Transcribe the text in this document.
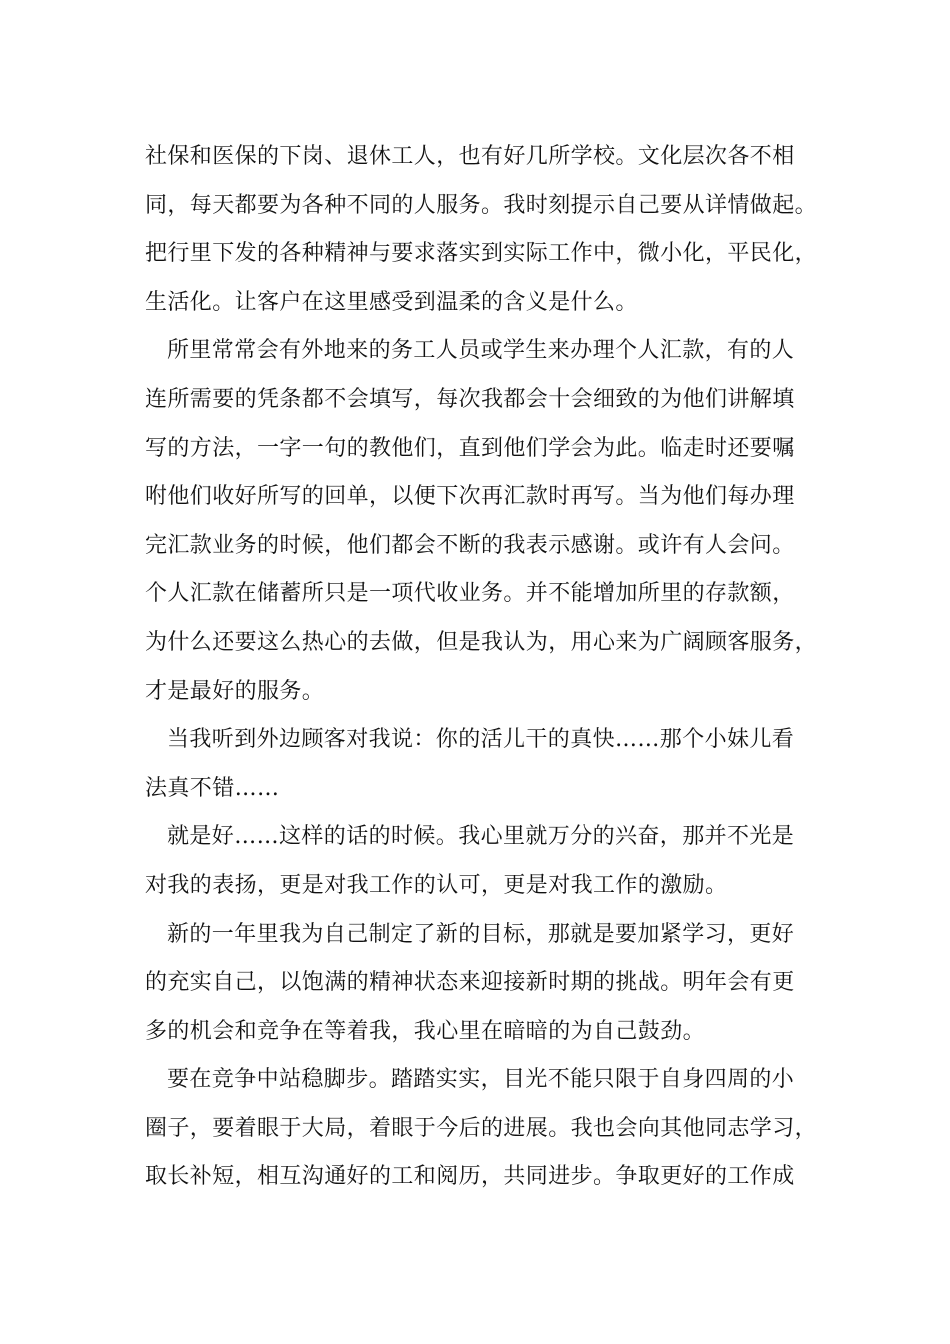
社保和医保的下岗、退休工人，也有好几所学校。文化层次各不相
同，每天都要为各种不同的人服务。我时刻提示自己要从详情做起。
把行里下发的各种精神与要求落实到实际工作中，微小化，平民化，
生活化。让客户在这里感受到温柔的含义是什么。
所里常常会有外地来的务工人员或学生来办理个人汇款，有的人
连所需要的凭条都不会填写，每次我都会十会细致的为他们讲解填
写的方法，一字一句的教他们，直到他们学会为此。临走时还要嘱
咐他们收好所写的回单，以便下次再汇款时再写。当为他们每办理
完汇款业务的时候，他们都会不断的我表示感谢。或许有人会问。
个人汇款在储蓄所只是一项代收业务。并不能增加所里的存款额，
为什么还要这么热心的去做，但是我认为，用心来为广阔顾客服务，
才是最好的服务。
当我听到外边顾客对我说：你的活儿干的真快……那个小妹儿看
法真不错……
就是好……这样的话的时候。我心里就万分的兴奋，那并不光是
对我的表扬，更是对我工作的认可，更是对我工作的激励。
新的一年里我为自己制定了新的目标，那就是要加紧学习，更好
的充实自己，以饱满的精神状态来迎接新时期的挑战。明年会有更
多的机会和竞争在等着我，我心里在暗暗的为自己鼓劲。
要在竞争中站稳脚步。踏踏实实，目光不能只限于自身四周的小
圈子，要着眼于大局，着眼于今后的进展。我也会向其他同志学习，
取长补短，相互沟通好的工和阅历，共同进步。争取更好的工作成
